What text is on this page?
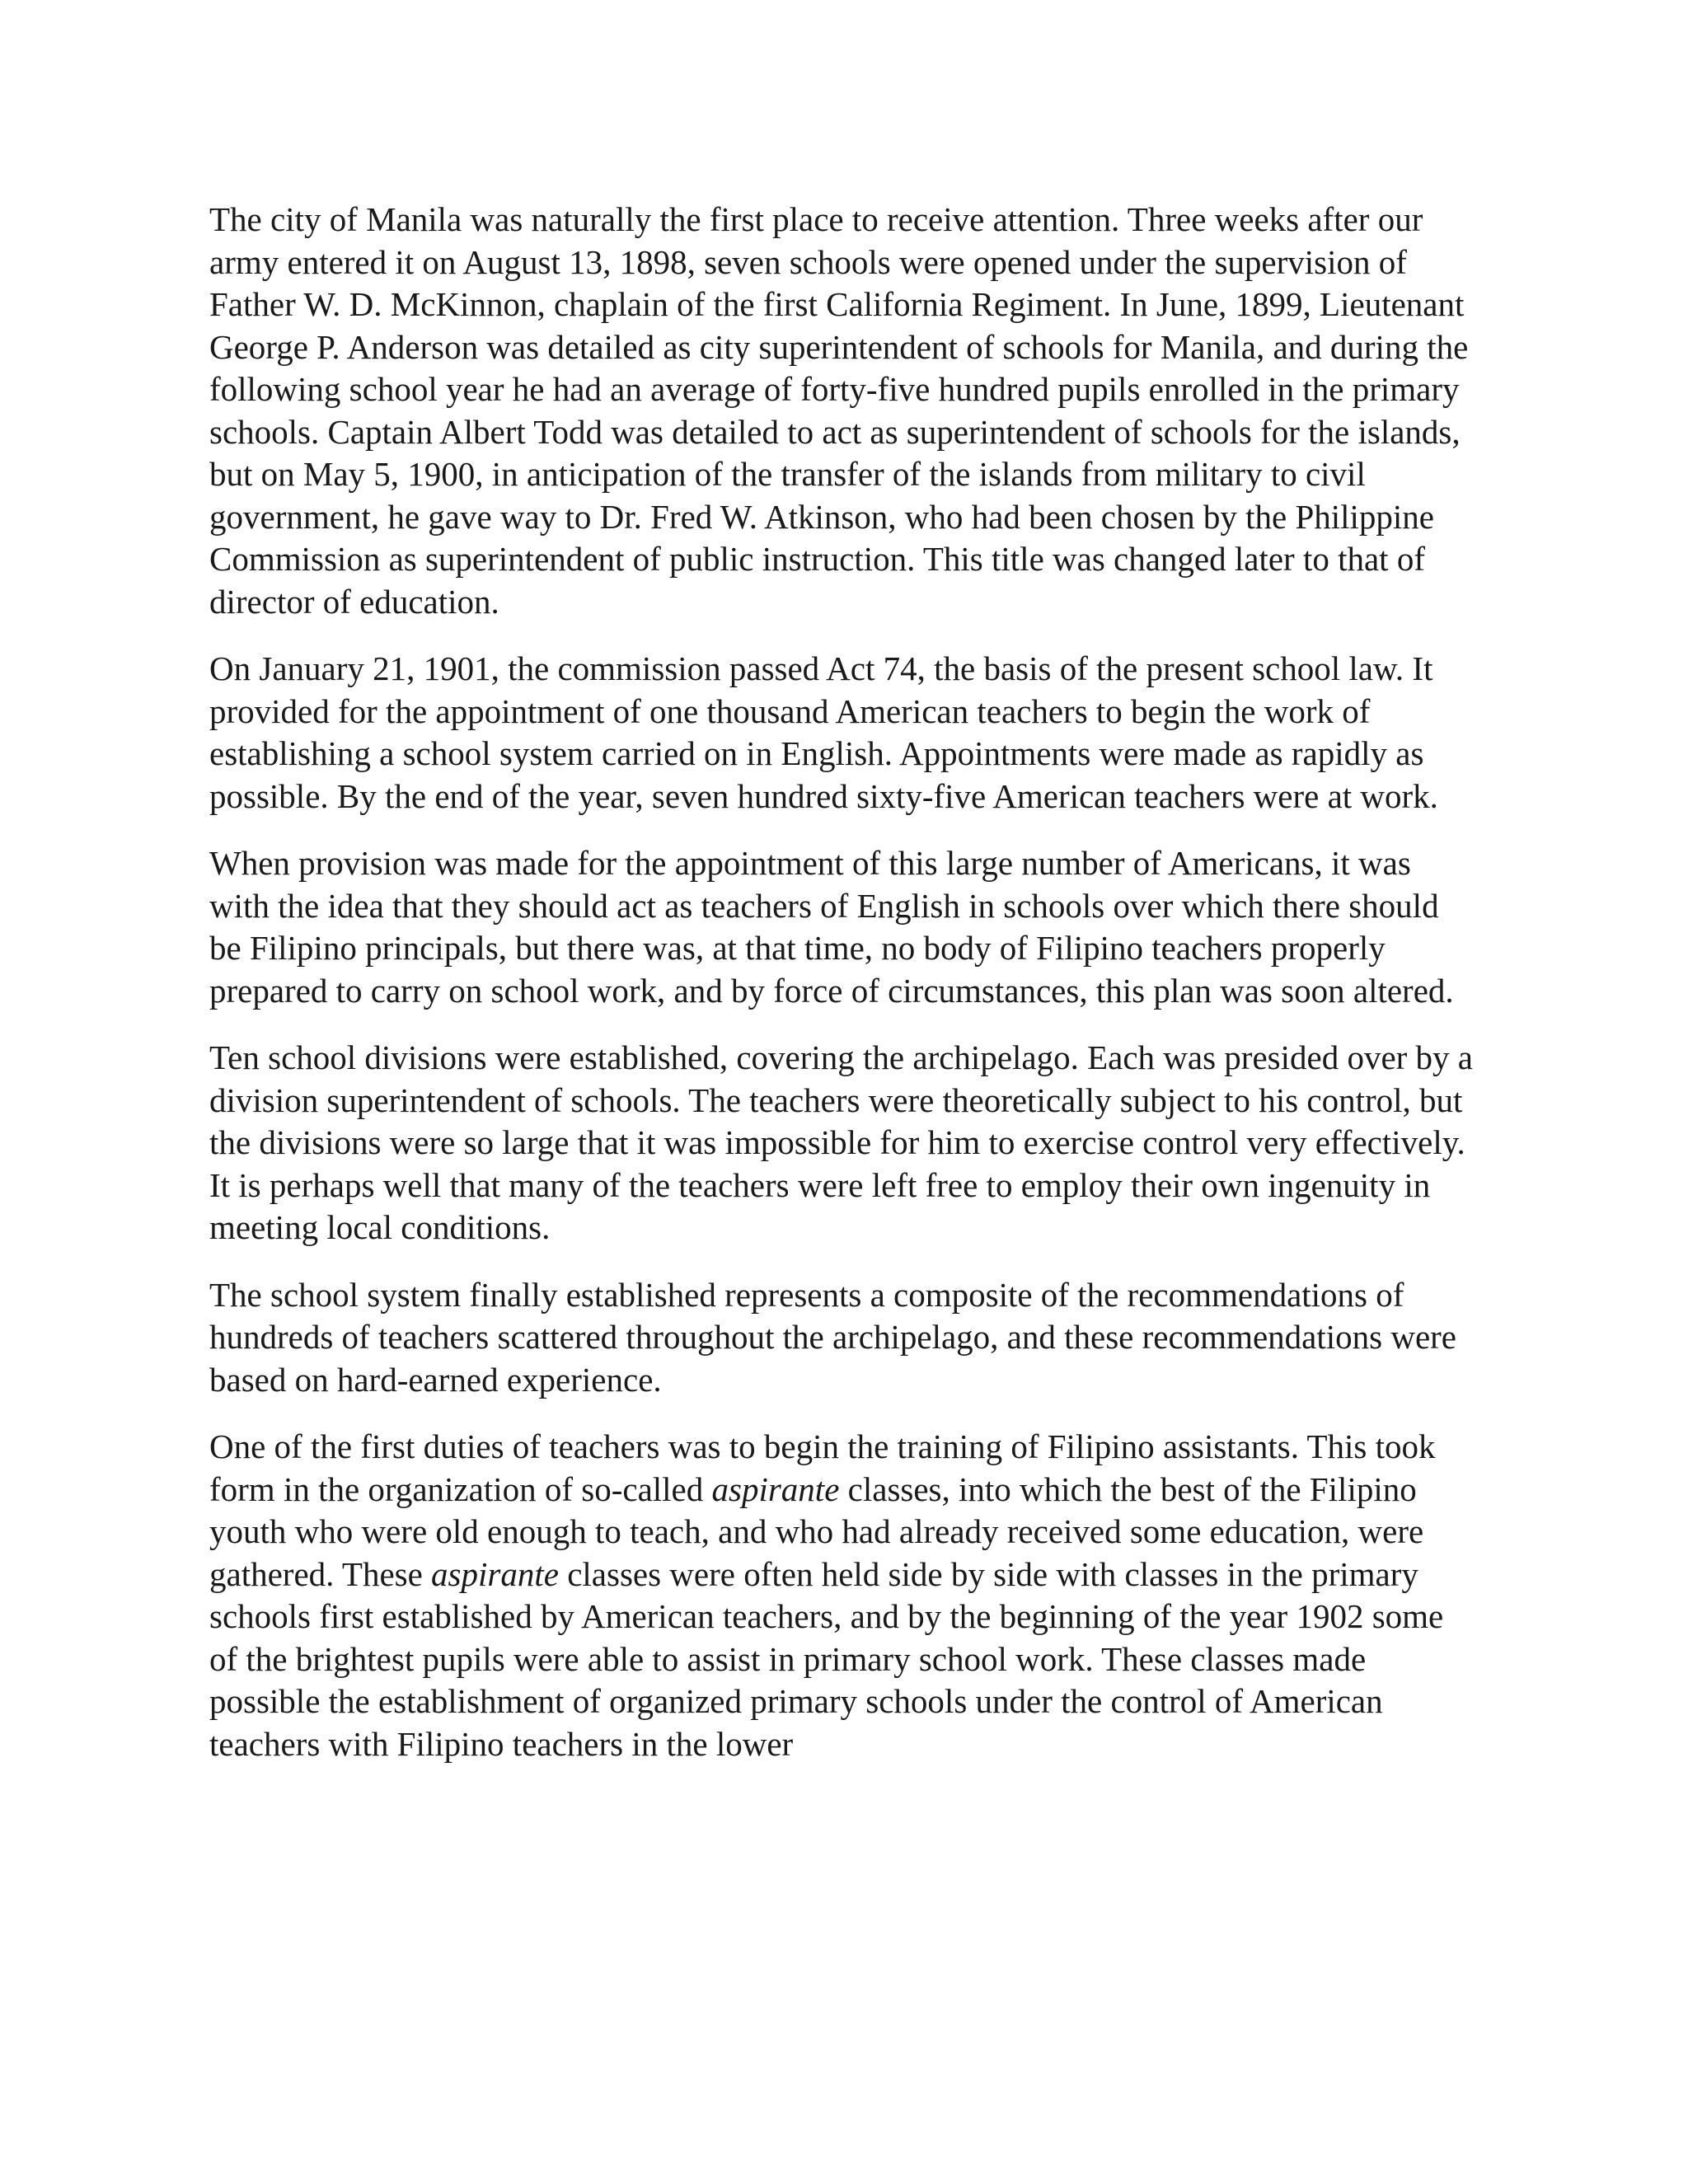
The city of Manila was naturally the first place to receive attention. Three weeks after our army entered it on August 13, 1898, seven schools were opened under the supervision of Father W. D. McKinnon, chaplain of the first California Regiment. In June, 1899, Lieutenant George P. Anderson was detailed as city superintendent of schools for Manila, and during the following school year he had an average of forty-five hundred pupils enrolled in the primary schools. Captain Albert Todd was detailed to act as superintendent of schools for the islands, but on May 5, 1900, in anticipation of the transfer of the islands from military to civil government, he gave way to Dr. Fred W. Atkinson, who had been chosen by the Philippine Commission as superintendent of public instruction. This title was changed later to that of director of education.

On January 21, 1901, the commission passed Act 74, the basis of the present school law. It provided for the appointment of one thousand American teachers to begin the work of establishing a school system carried on in English. Appointments were made as rapidly as possible. By the end of the year, seven hundred sixty-five American teachers were at work.

When provision was made for the appointment of this large number of Americans, it was with the idea that they should act as teachers of English in schools over which there should be Filipino principals, but there was, at that time, no body of Filipino teachers properly prepared to carry on school work, and by force of circumstances, this plan was soon altered.

Ten school divisions were established, covering the archipelago. Each was presided over by a division superintendent of schools. The teachers were theoretically subject to his control, but the divisions were so large that it was impossible for him to exercise control very effectively. It is perhaps well that many of the teachers were left free to employ their own ingenuity in meeting local conditions.

The school system finally established represents a composite of the recommendations of hundreds of teachers scattered throughout the archipelago, and these recommendations were based on hard-earned experience.

One of the first duties of teachers was to begin the training of Filipino assistants. This took form in the organization of so-called aspirante classes, into which the best of the Filipino youth who were old enough to teach, and who had already received some education, were gathered. These aspirante classes were often held side by side with classes in the primary schools first established by American teachers, and by the beginning of the year 1902 some of the brightest pupils were able to assist in primary school work. These classes made possible the establishment of organized primary schools under the control of American teachers with Filipino teachers in the lower
